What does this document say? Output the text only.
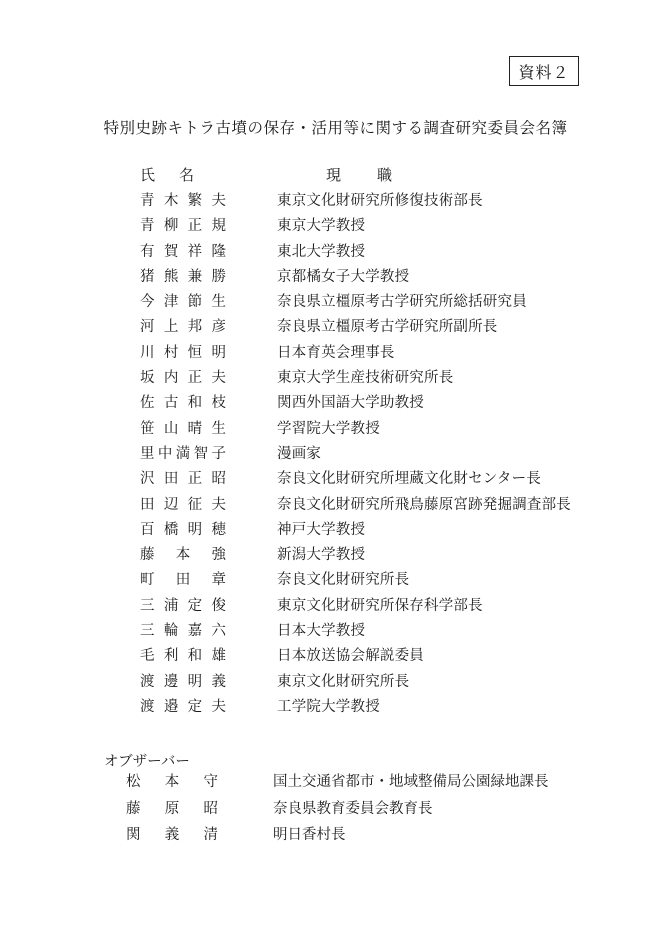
資料２
特別史跡キトラ古墳の保存・活用等に関する調査研究委員会名簿
氏名	現職
青 木 繁 夫	東京文化財研究所修復技術部長
青 柳 正 規	東京大学教授
有 賀 祥 隆	東北大学教授
猪 熊 兼 勝	京都橘女子大学教授
今 津 節 生	奈良県立橿原考古学研究所総括研究員
河 上 邦 彦	奈良県立橿原考古学研究所副所長
川 村 恒 明	日本育英会理事長
坂 内 正 夫	東京大学生産技術研究所長
佐 古 和 枝	関西外国語大学助教授
笹 山 晴 生	学習院大学教授
里 中 満 智 子	漫画家
沢 田 正 昭	奈良文化財研究所埋蔵文化財センター長
田 辺 征 夫	奈良文化財研究所飛鳥藤原宮跡発掘調査部長
百 橋 明 穂	神戸大学教授
藤 本 強	新潟大学教授
町 田 章	奈良文化財研究所長
三 浦 定 俊	東京文化財研究所保存科学部長
三 輪 嘉 六	日本大学教授
毛 利 和 雄	日本放送協会解説委員
渡 邊 明 義	東京文化財研究所長
渡 邉 定 夫	工学院大学教授
オブザーバー
松 本 守	国土交通省都市・地域整備局公園緑地課長
藤 原 昭	奈良県教育委員会教育長
関 義 清	明日香村長
